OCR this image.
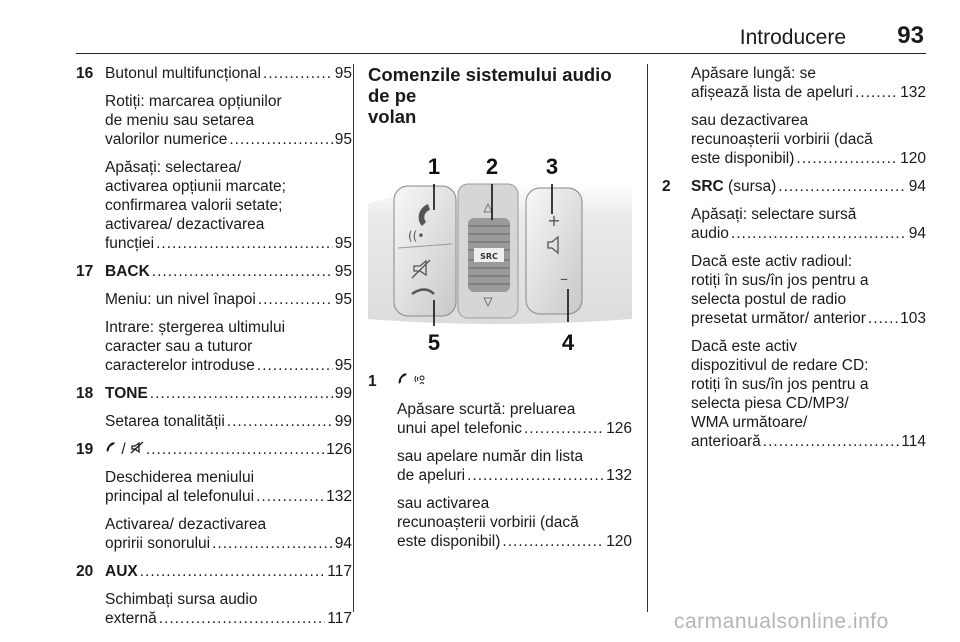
Introducere 93
16 Butonul multifuncțional .....	95
Rotiți: marcarea opțiunilor
de meniu sau setarea
valorilor numerice .....	95
Apăsați: selectarea/
activarea opțiunii marcate;
confirmarea valorii setate;
activarea/ dezactivarea
funcției .....	95
17 BACK .....	95
Meniu: un nivel înapoi .....	95
Intrare: ștergerea ultimului
caracter sau a tuturor
caracterelor introduse .....	95
18 TONE .....	99
Setarea tonalității .....	99
19	/ .....	126
Deschiderea meniului
principal al telefonului .....	132
Activarea/ dezactivarea
opririi sonorului .....	94
20 AUX .....	117
Schimbați sursa audio
externă .....	117
Comenzile sistemului audio de pe
volan
((•
SRC
+
–
1 2 3
4
5
1

Apăsare scurtă: preluarea
unui apel telefonic .....	126
sau apelare număr din lista
de apeluri .....	132
sau activarea
recunoașterii vorbirii (dacă
este disponibil) .....	120
Apăsare lungă: se
afișează lista de apeluri .....	132
sau dezactivarea
recunoașterii vorbirii (dacă
este disponibil) .....	120
2 SRC (sursa) .....	94
Apăsați: selectare sursă
audio .....	94
Dacă este activ radioul:
rotiți în sus/în jos pentru a
selecta postul de radio
presetat următor/ anterior ..... 103
Dacă este activ
dispozitivul de redare CD:
rotiți în sus/în jos pentru a
selecta piesa CD/MP3/
WMA următoare/
anterioară .....	114
carmanualsonline.info
